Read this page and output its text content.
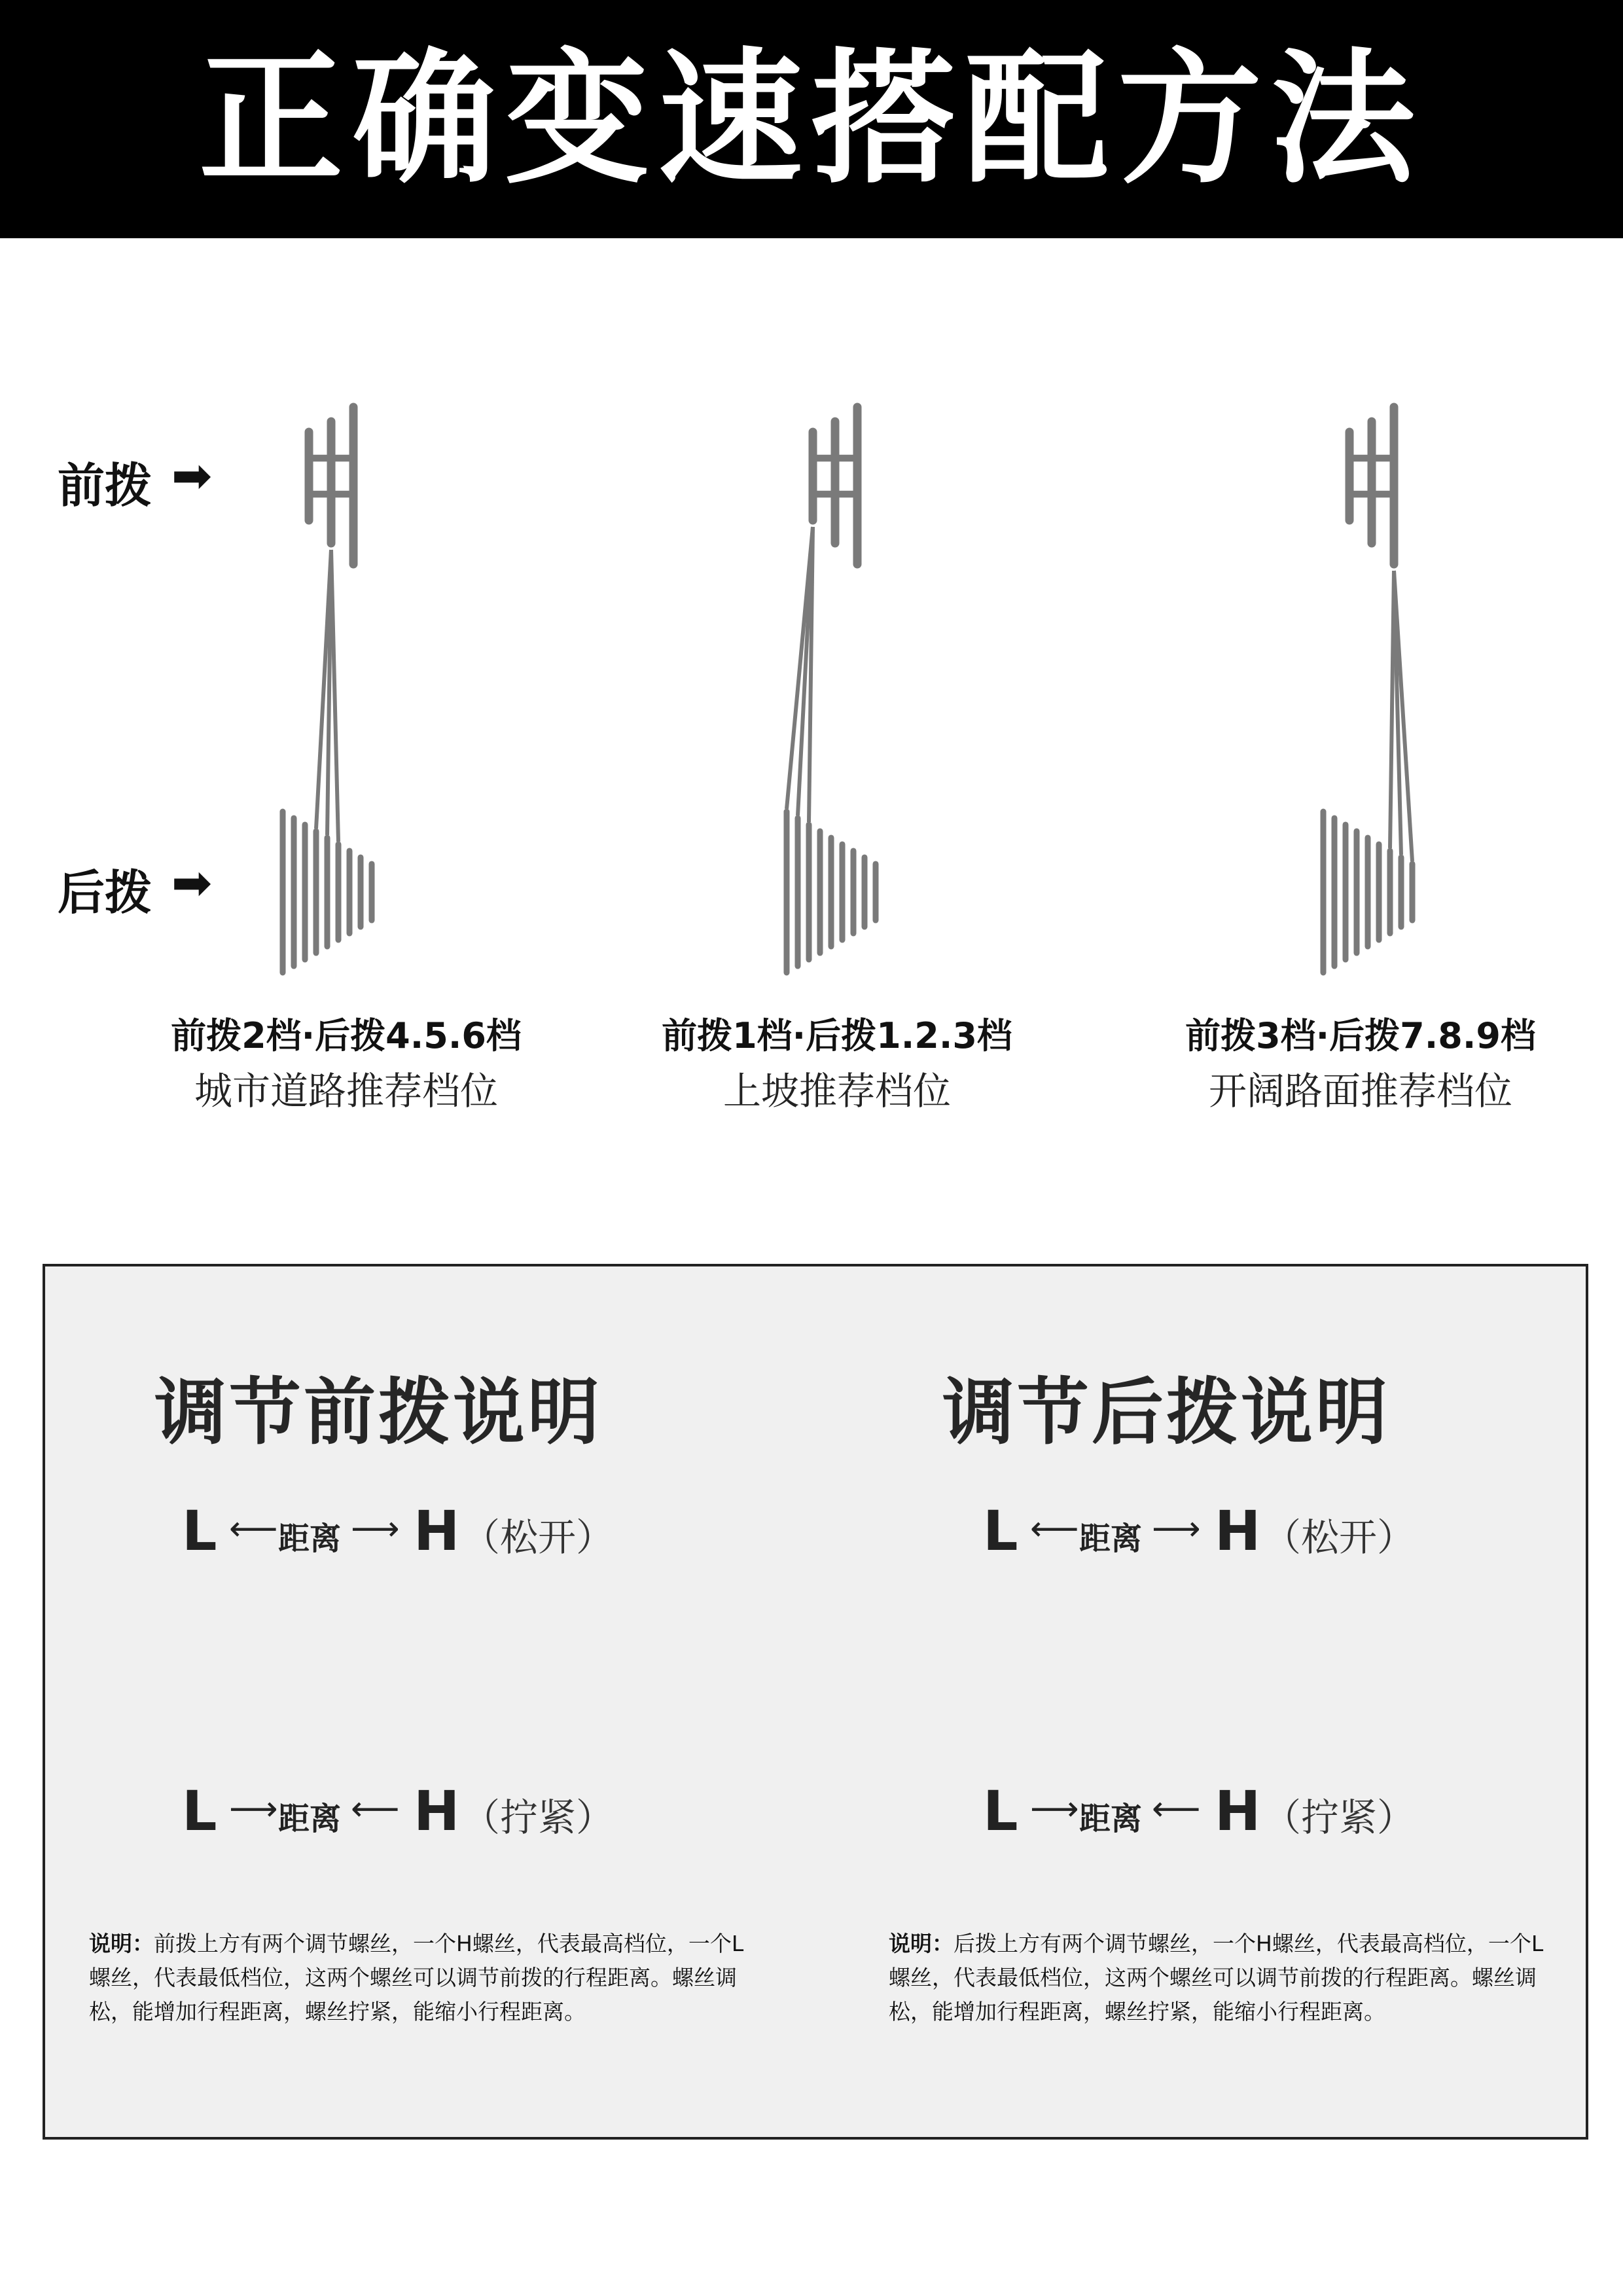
正确变速搭配方法
前拨 ➡
后拨 ➡
前拨2档·后拨4.5.6档
城市道路推荐档位
前拨1档·后拨1.2.3档
上坡推荐档位
前拨3档·后拨7.8.9档
开阔路面推荐档位
调节前拨说明	调节后拨说明
L ⟵ 距离 ⟶ H （松开）
L ⟶ 距离 ⟵ H （拧紧）
L ⟵ 距离 ⟶ H （松开）
L ⟶ 距离 ⟵ H （拧紧）
说明：前拨上方有两个调节螺丝，一个H螺丝，代表最高档位，一个L螺丝，代表最低档位，这两个螺丝可以调节前拨的行程距离。螺丝调松，能增加行程距离，螺丝拧紧，能缩小行程距离。
说明：后拨上方有两个调节螺丝，一个H螺丝，代表最高档位，一个L螺丝，代表最低档位，这两个螺丝可以调节前拨的行程距离。螺丝调松，能增加行程距离，螺丝拧紧，能缩小行程距离。
